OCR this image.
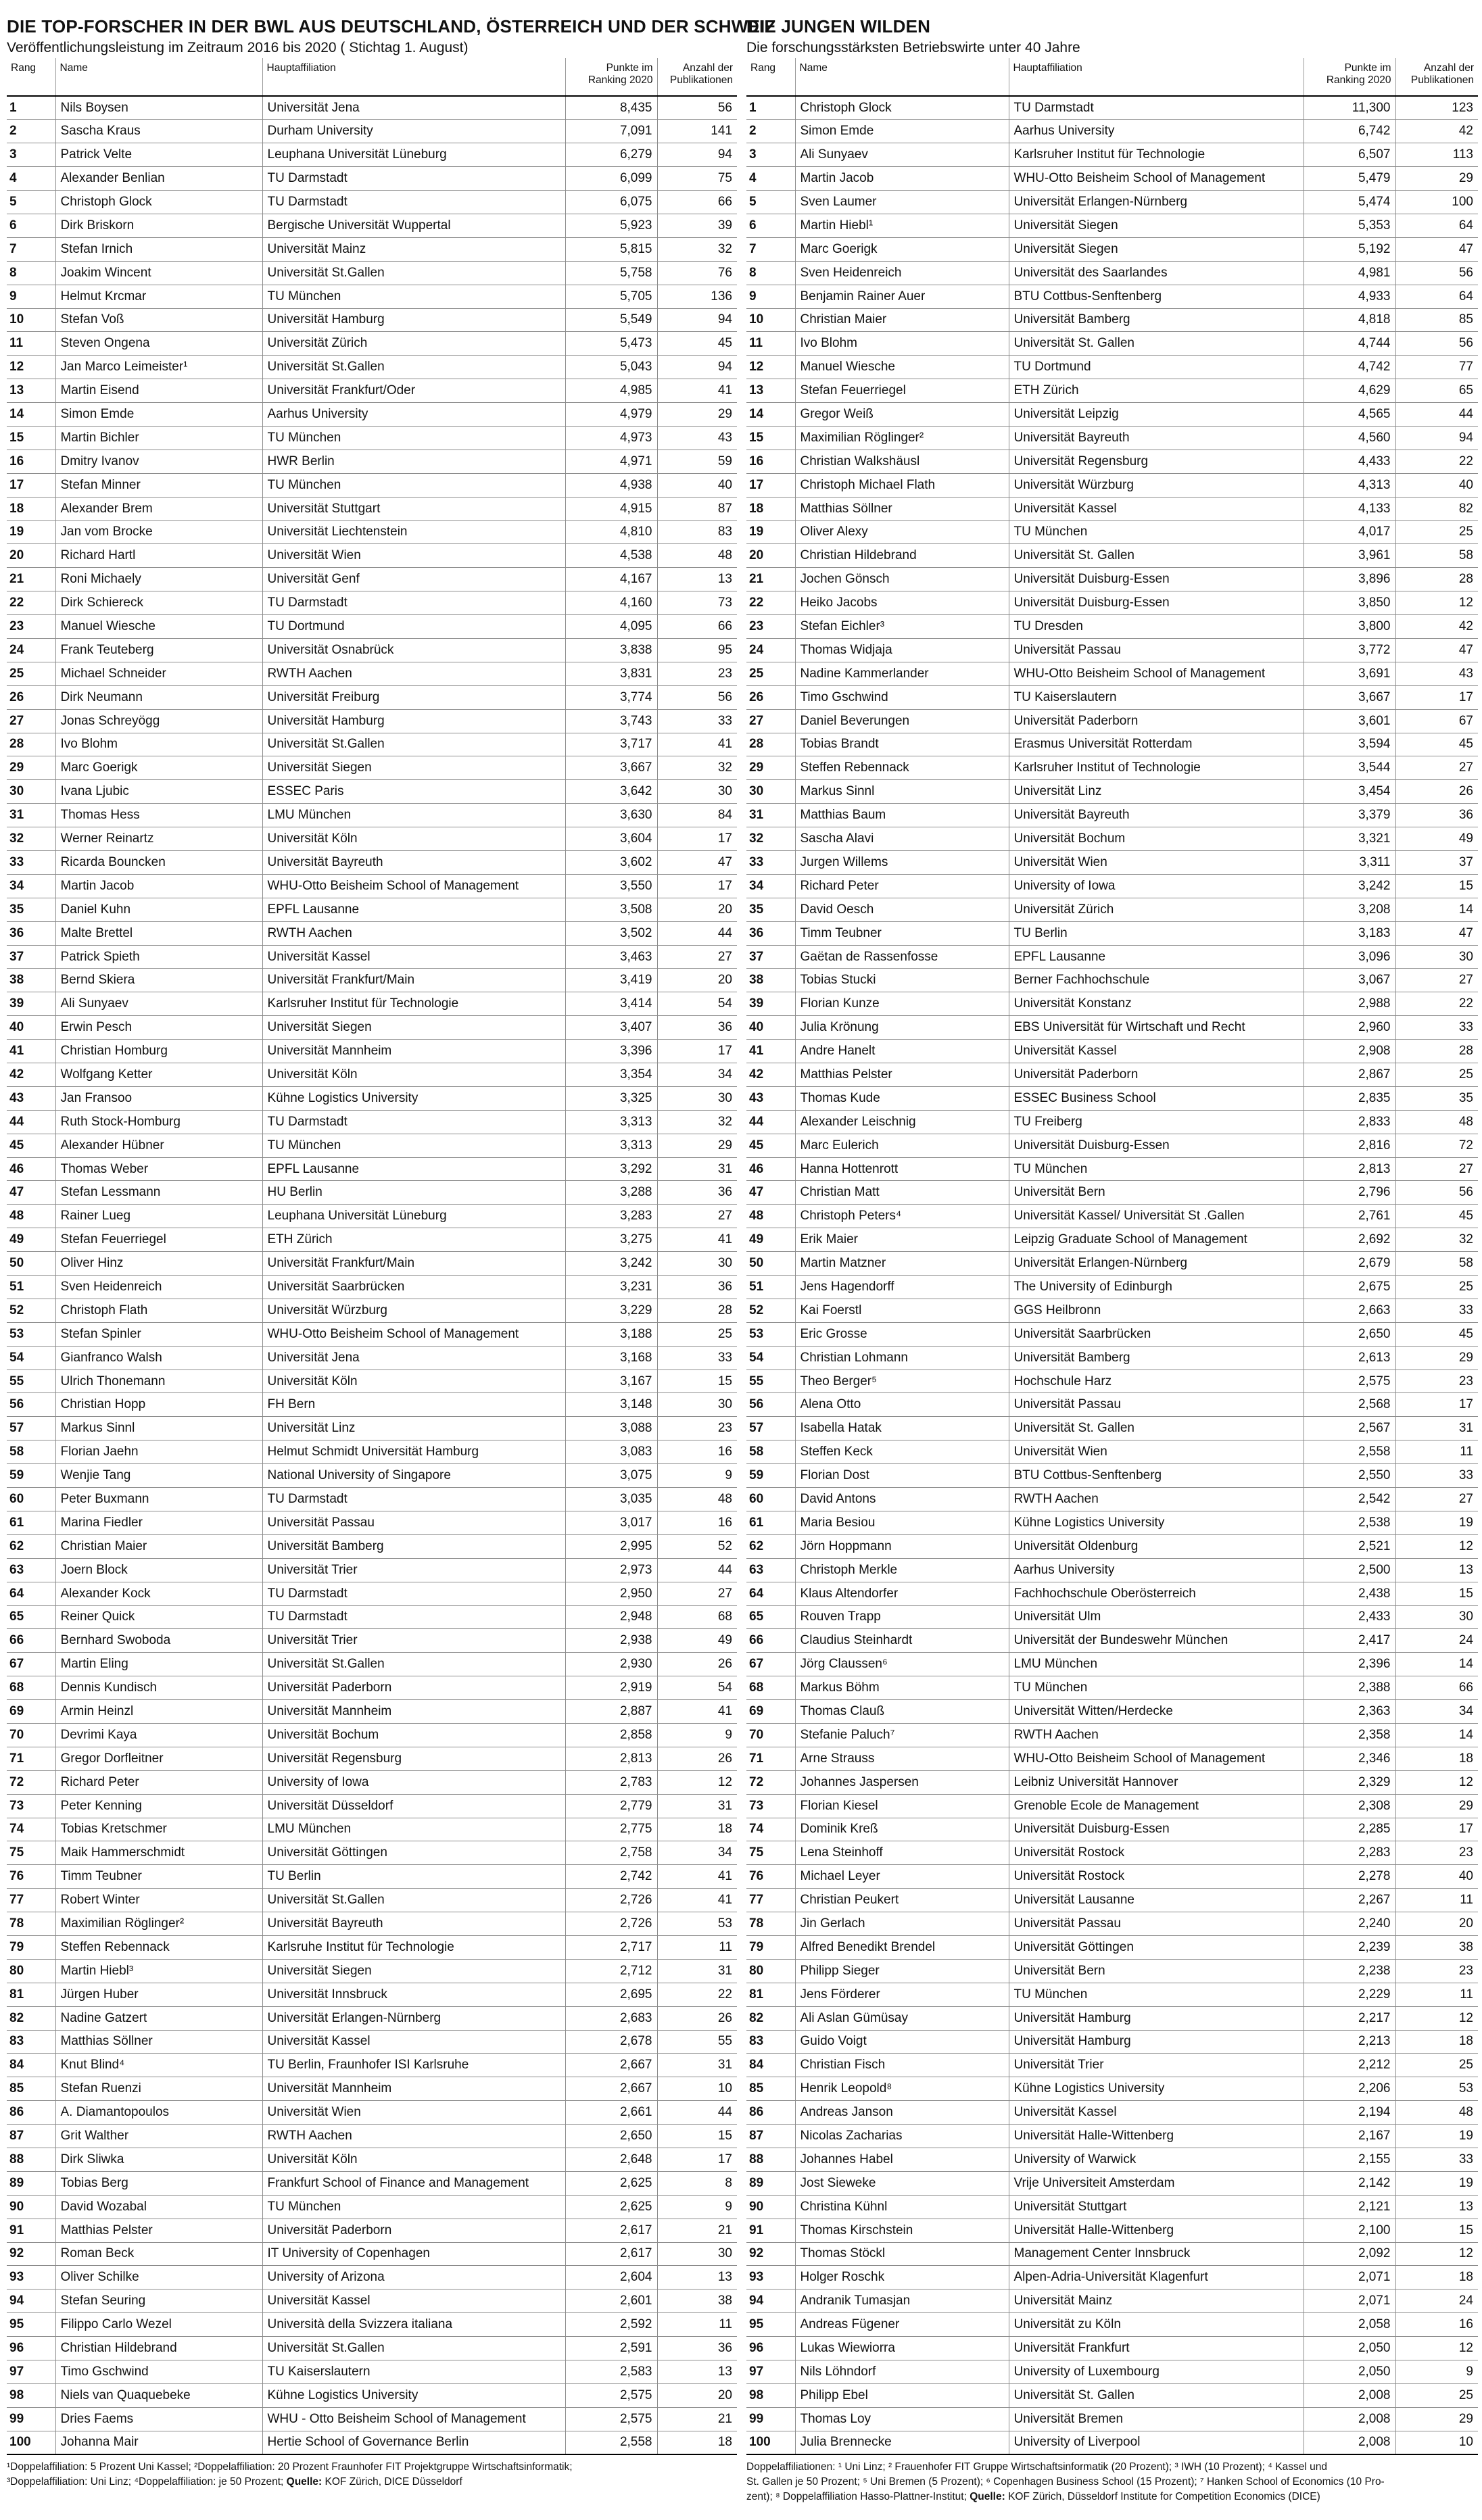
DIE TOP-FORSCHER IN DER BWL AUS DEUTSCHLAND, ÖSTERREICH UND DER SCHWEIZ
Veröffentlichungsleistung im Zeitraum 2016 bis 2020 ( Stichtag 1. August)
Rang	Name	Hauptaffiliation	Punkte im Ranking 2020	Anzahl der Publikationen
1	Nils Boysen	Universität Jena	8,435	56
2	Sascha Kraus	Durham University	7,091	141
3	Patrick Velte	Leuphana Universität Lüneburg	6,279	94
4	Alexander Benlian	TU Darmstadt	6,099	75
5	Christoph Glock	TU Darmstadt	6,075	66
6	Dirk Briskorn	Bergische Universität Wuppertal	5,923	39
7	Stefan Irnich	Universität Mainz	5,815	32
8	Joakim Wincent	Universität St.Gallen	5,758	76
9	Helmut Krcmar	TU München	5,705	136
10	Stefan Voß	Universität Hamburg	5,549	94
11	Steven Ongena	Universität Zürich	5,473	45
12	Jan Marco Leimeister¹	Universität St.Gallen	5,043	94
13	Martin Eisend	Universität Frankfurt/Oder	4,985	41
14	Simon Emde	Aarhus University	4,979	29
15	Martin Bichler	TU München	4,973	43
16	Dmitry Ivanov	HWR Berlin	4,971	59
17	Stefan Minner	TU München	4,938	40
18	Alexander Brem	Universität Stuttgart	4,915	87
19	Jan vom Brocke	Universität Liechtenstein	4,810	83
20	Richard Hartl	Universität Wien	4,538	48
21	Roni Michaely	Universität Genf	4,167	13
22	Dirk Schiereck	TU Darmstadt	4,160	73
23	Manuel Wiesche	TU Dortmund	4,095	66
24	Frank Teuteberg	Universität Osnabrück	3,838	95
25	Michael Schneider	RWTH Aachen	3,831	23
26	Dirk Neumann	Universität Freiburg	3,774	56
27	Jonas Schreyögg	Universität Hamburg	3,743	33
28	Ivo Blohm	Universität St.Gallen	3,717	41
29	Marc Goerigk	Universität Siegen	3,667	32
30	Ivana Ljubic	ESSEC Paris	3,642	30
31	Thomas Hess	LMU München	3,630	84
32	Werner Reinartz	Universität Köln	3,604	17
33	Ricarda Bouncken	Universität Bayreuth	3,602	47
34	Martin Jacob	WHU-Otto Beisheim School of Management	3,550	17
35	Daniel Kuhn	EPFL Lausanne	3,508	20
36	Malte Brettel	RWTH Aachen	3,502	44
37	Patrick Spieth	Universität Kassel	3,463	27
38	Bernd Skiera	Universität Frankfurt/Main	3,419	20
39	Ali Sunyaev	Karlsruher Institut für Technologie	3,414	54
40	Erwin Pesch	Universität Siegen	3,407	36
41	Christian Homburg	Universität Mannheim	3,396	17
42	Wolfgang Ketter	Universität Köln	3,354	34
43	Jan Fransoo	Kühne Logistics University	3,325	30
44	Ruth Stock-Homburg	TU Darmstadt	3,313	32
45	Alexander Hübner	TU München	3,313	29
46	Thomas Weber	EPFL Lausanne	3,292	31
47	Stefan Lessmann	HU Berlin	3,288	36
48	Rainer Lueg	Leuphana Universität Lüneburg	3,283	27
49	Stefan Feuerriegel	ETH Zürich	3,275	41
50	Oliver Hinz	Universität Frankfurt/Main	3,242	30
51	Sven Heidenreich	Universität Saarbrücken	3,231	36
52	Christoph Flath	Universität Würzburg	3,229	28
53	Stefan Spinler	WHU-Otto Beisheim School of Management	3,188	25
54	Gianfranco Walsh	Universität Jena	3,168	33
55	Ulrich Thonemann	Universität Köln	3,167	15
56	Christian Hopp	FH Bern	3,148	30
57	Markus Sinnl	Universität Linz	3,088	23
58	Florian Jaehn	Helmut Schmidt Universität Hamburg	3,083	16
59	Wenjie Tang	National University of Singapore	3,075	9
60	Peter Buxmann	TU Darmstadt	3,035	48
61	Marina Fiedler	Universität Passau	3,017	16
62	Christian Maier	Universität Bamberg	2,995	52
63	Joern Block	Universität Trier	2,973	44
64	Alexander Kock	TU Darmstadt	2,950	27
65	Reiner Quick	TU Darmstadt	2,948	68
66	Bernhard Swoboda	Universität Trier	2,938	49
67	Martin Eling	Universität St.Gallen	2,930	26
68	Dennis Kundisch	Universität Paderborn	2,919	54
69	Armin Heinzl	Universität Mannheim	2,887	41
70	Devrimi Kaya	Universität Bochum	2,858	9
71	Gregor Dorfleitner	Universität Regensburg	2,813	26
72	Richard Peter	University of Iowa	2,783	12
73	Peter Kenning	Universität Düsseldorf	2,779	31
74	Tobias Kretschmer	LMU München	2,775	18
75	Maik Hammerschmidt	Universität Göttingen	2,758	34
76	Timm Teubner	TU Berlin	2,742	41
77	Robert Winter	Universität St.Gallen	2,726	41
78	Maximilian Röglinger²	Universität Bayreuth	2,726	53
79	Steffen Rebennack	Karlsruhe Institut für Technologie	2,717	11
80	Martin Hiebl³	Universität Siegen	2,712	31
81	Jürgen Huber	Universität Innsbruck	2,695	22
82	Nadine Gatzert	Universität Erlangen-Nürnberg	2,683	26
83	Matthias Söllner	Universität Kassel	2,678	55
84	Knut Blind⁴	TU Berlin, Fraunhofer ISI Karlsruhe	2,667	31
85	Stefan Ruenzi	Universität Mannheim	2,667	10
86	A. Diamantopoulos	Universität Wien	2,661	44
87	Grit Walther	RWTH Aachen	2,650	15
88	Dirk Sliwka	Universität Köln	2,648	17
89	Tobias Berg	Frankfurt School of Finance and Management	2,625	8
90	David Wozabal	TU München	2,625	9
91	Matthias Pelster	Universität Paderborn	2,617	21
92	Roman Beck	IT University of Copenhagen	2,617	30
93	Oliver Schilke	University of Arizona	2,604	13
94	Stefan Seuring	Universität Kassel	2,601	38
95	Filippo Carlo Wezel	Università della Svizzera italiana	2,592	11
96	Christian Hildebrand	Universität St.Gallen	2,591	36
97	Timo Gschwind	TU Kaiserslautern	2,583	13
98	Niels van Quaquebeke	Kühne Logistics University	2,575	20
99	Dries Faems	WHU - Otto Beisheim School of Management	2,575	21
100	Johanna Mair	Hertie School of Governance Berlin	2,558	18
¹Doppelaffiliation: 5 Prozent Uni Kassel; ²Doppelaffiliation: 20 Prozent Fraunhofer FIT Projektgruppe Wirtschaftsinformatik;
³Doppelaffiliation: Uni Linz; ⁴Doppelaffiliation: je 50 Prozent; Quelle: KOF Zürich, DICE Düsseldorf
DIE JUNGEN WILDEN
Die forschungsstärksten Betriebswirte unter 40 Jahre
Rang	Name	Hauptaffiliation	Punkte im Ranking 2020	Anzahl der Publikationen
1	Christoph Glock	TU Darmstadt	11,300	123
2	Simon Emde	Aarhus University	6,742	42
3	Ali Sunyaev	Karlsruher Institut für Technologie	6,507	113
4	Martin Jacob	WHU-Otto Beisheim School of Management	5,479	29
5	Sven Laumer	Universität Erlangen-Nürnberg	5,474	100
6	Martin Hiebl¹	Universität Siegen	5,353	64
7	Marc Goerigk	Universität Siegen	5,192	47
8	Sven Heidenreich	Universität des Saarlandes	4,981	56
9	Benjamin Rainer Auer	BTU Cottbus-Senftenberg	4,933	64
10	Christian Maier	Universität Bamberg	4,818	85
11	Ivo Blohm	Universität St. Gallen	4,744	56
12	Manuel Wiesche	TU Dortmund	4,742	77
13	Stefan Feuerriegel	ETH Zürich	4,629	65
14	Gregor Weiß	Universität Leipzig	4,565	44
15	Maximilian Röglinger²	Universität Bayreuth	4,560	94
16	Christian Walkshäusl	Universität Regensburg	4,433	22
17	Christoph Michael Flath	Universität Würzburg	4,313	40
18	Matthias Söllner	Universität Kassel	4,133	82
19	Oliver Alexy	TU München	4,017	25
20	Christian Hildebrand	Universität St. Gallen	3,961	58
21	Jochen Gönsch	Universität Duisburg-Essen	3,896	28
22	Heiko Jacobs	Universität Duisburg-Essen	3,850	12
23	Stefan Eichler³	TU Dresden	3,800	42
24	Thomas Widjaja	Universität Passau	3,772	47
25	Nadine Kammerlander	WHU-Otto Beisheim School of Management	3,691	43
26	Timo Gschwind	TU Kaiserslautern	3,667	17
27	Daniel Beverungen	Universität Paderborn	3,601	67
28	Tobias Brandt	Erasmus Universität Rotterdam	3,594	45
29	Steffen Rebennack	Karlsruher Institut of Technologie	3,544	27
30	Markus Sinnl	Universität Linz	3,454	26
31	Matthias Baum	Universität Bayreuth	3,379	36
32	Sascha Alavi	Universität Bochum	3,321	49
33	Jurgen Willems	Universität Wien	3,311	37
34	Richard Peter	University of Iowa	3,242	15
35	David Oesch	Universität Zürich	3,208	14
36	Timm Teubner	TU Berlin	3,183	47
37	Gaëtan de Rassenfosse	EPFL Lausanne	3,096	30
38	Tobias Stucki	Berner Fachhochschule	3,067	27
39	Florian Kunze	Universität Konstanz	2,988	22
40	Julia Krönung	EBS Universität für Wirtschaft und Recht	2,960	33
41	Andre Hanelt	Universität Kassel	2,908	28
42	Matthias Pelster	Universität Paderborn	2,867	25
43	Thomas Kude	ESSEC Business School	2,835	35
44	Alexander Leischnig	TU Freiberg	2,833	48
45	Marc Eulerich	Universität Duisburg-Essen	2,816	72
46	Hanna Hottenrott	TU München	2,813	27
47	Christian Matt	Universität Bern	2,796	56
48	Christoph Peters⁴	Universität Kassel/ Universität St .Gallen	2,761	45
49	Erik Maier	Leipzig Graduate School of Management	2,692	32
50	Martin Matzner	Universität Erlangen-Nürnberg	2,679	58
51	Jens Hagendorff	The University of Edinburgh	2,675	25
52	Kai Foerstl	GGS Heilbronn	2,663	33
53	Eric Grosse	Universität Saarbrücken	2,650	45
54	Christian Lohmann	Universität Bamberg	2,613	29
55	Theo Berger⁵	Hochschule Harz	2,575	23
56	Alena Otto	Universität Passau	2,568	17
57	Isabella Hatak	Universität St. Gallen	2,567	31
58	Steffen Keck	Universität Wien	2,558	11
59	Florian Dost	BTU Cottbus-Senftenberg	2,550	33
60	David Antons	RWTH Aachen	2,542	27
61	Maria Besiou	Kühne Logistics University	2,538	19
62	Jörn Hoppmann	Universität Oldenburg	2,521	12
63	Christoph Merkle	Aarhus University	2,500	13
64	Klaus Altendorfer	Fachhochschule Oberösterreich	2,438	15
65	Rouven Trapp	Universität Ulm	2,433	30
66	Claudius Steinhardt	Universität der Bundeswehr München	2,417	24
67	Jörg Claussen⁶	LMU München	2,396	14
68	Markus Böhm	TU München	2,388	66
69	Thomas Clauß	Universität Witten/Herdecke	2,363	34
70	Stefanie Paluch⁷	RWTH Aachen	2,358	14
71	Arne Strauss	WHU-Otto Beisheim School of Management	2,346	18
72	Johannes Jaspersen	Leibniz Universität Hannover	2,329	12
73	Florian Kiesel	Grenoble Ecole de Management	2,308	29
74	Dominik Kreß	Universität Duisburg-Essen	2,285	17
75	Lena Steinhoff	Universität Rostock	2,283	23
76	Michael Leyer	Universität Rostock	2,278	40
77	Christian Peukert	Universität Lausanne	2,267	11
78	Jin Gerlach	Universität Passau	2,240	20
79	Alfred Benedikt Brendel	Universität Göttingen	2,239	38
80	Philipp Sieger	Universität Bern	2,238	23
81	Jens Förderer	TU München	2,229	11
82	Ali Aslan Gümüsay	Universität Hamburg	2,217	12
83	Guido Voigt	Universität Hamburg	2,213	18
84	Christian Fisch	Universität Trier	2,212	25
85	Henrik Leopold⁸	Kühne Logistics University	2,206	53
86	Andreas Janson	Universität Kassel	2,194	48
87	Nicolas Zacharias	Universität Halle-Wittenberg	2,167	19
88	Johannes Habel	University of Warwick	2,155	33
89	Jost Sieweke	Vrije Universiteit Amsterdam	2,142	19
90	Christina Kühnl	Universität Stuttgart	2,121	13
91	Thomas Kirschstein	Universität Halle-Wittenberg	2,100	15
92	Thomas Stöckl	Management Center Innsbruck	2,092	12
93	Holger Roschk	Alpen-Adria-Universität Klagenfurt	2,071	18
94	Andranik Tumasjan	Universität Mainz	2,071	24
95	Andreas Fügener	Universität zu Köln	2,058	16
96	Lukas Wiewiorra	Universität Frankfurt	2,050	12
97	Nils Löhndorf	University of Luxembourg	2,050	9
98	Philipp Ebel	Universität St. Gallen	2,008	25
99	Thomas Loy	Universität Bremen	2,008	29
100	Julia Brennecke	University of Liverpool	2,008	10
Doppelaffiliationen: ¹ Uni Linz; ² Frauenhofer FIT Gruppe Wirtschaftsinformatik (20 Prozent); ³ IWH (10 Prozent); ⁴ Kassel und
St. Gallen je 50 Prozent; ⁵ Uni Bremen (5 Prozent); ⁶ Copenhagen Business School (15 Prozent); ⁷ Hanken School of Economics (10 Pro-
zent); ⁸ Doppelaffiliation Hasso-Plattner-Institut; Quelle: KOF Zürich, Düsseldorf Institute for Competition Economics (DICE)
